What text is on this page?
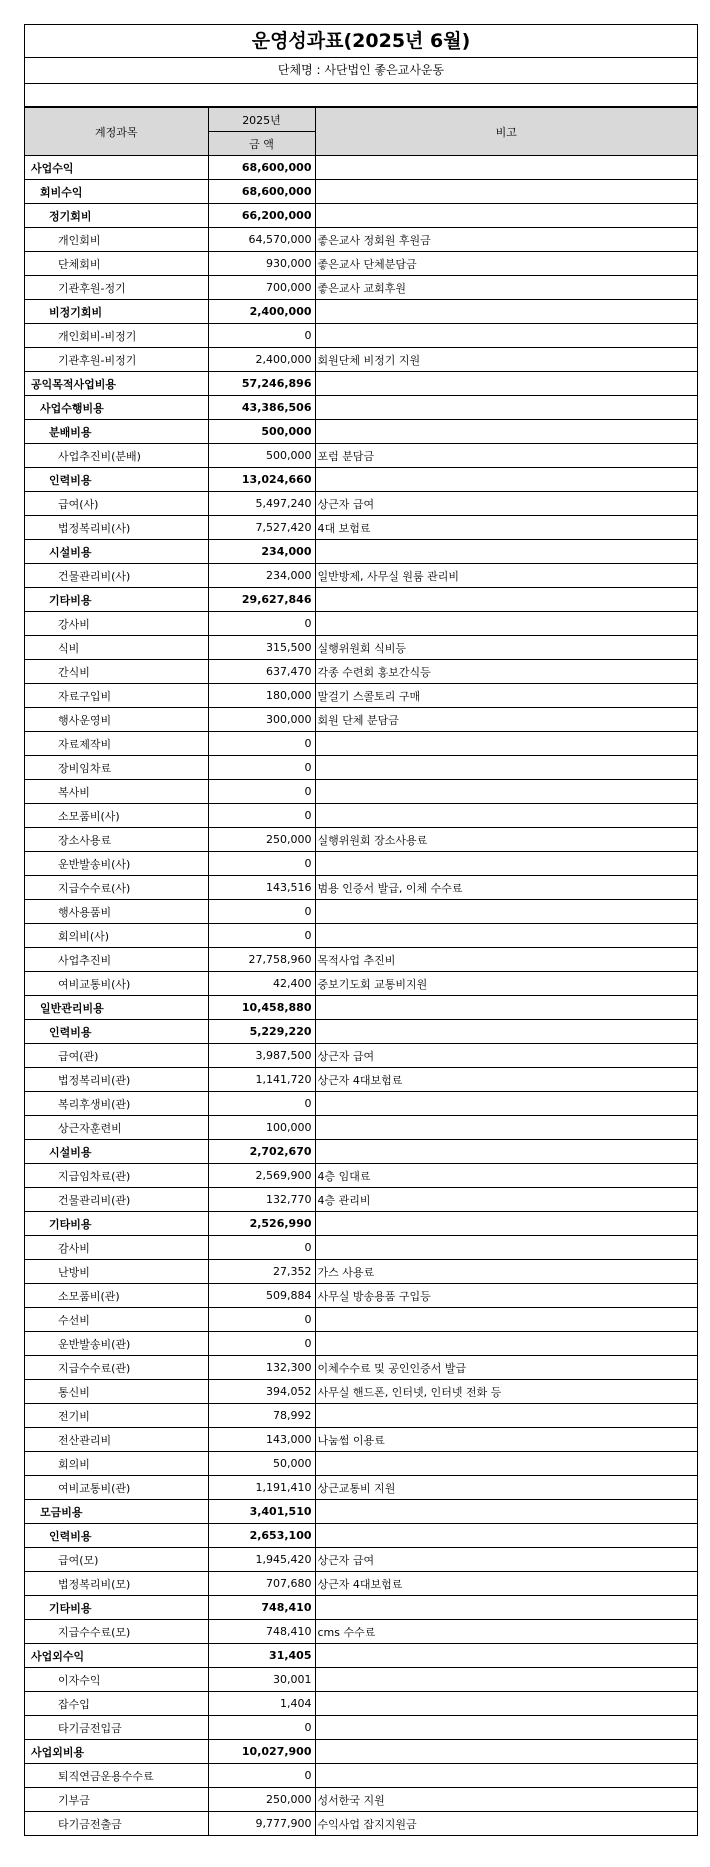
운영성과표(2025년 6월)
단체명 : 사단법인 좋은교사운동
계정과목	2025년	비고
	금 액	
사업수익	68,600,000	
회비수익	68,600,000	
정기회비	66,200,000	
개인회비	64,570,000	좋은교사 정회원 후원금
단체회비	930,000	좋은교사 단체분담금
기관후원-정기	700,000	좋은교사 교회후원
비정기회비	2,400,000	
개인회비-비정기	0	
기관후원-비정기	2,400,000	회원단체 비정기 지원
공익목적사업비용	57,246,896	
사업수행비용	43,386,506	
분배비용	500,000	
사업추진비(분배)	500,000	포럼 분담금
인력비용	13,024,660	
급여(사)	5,497,240	상근자 급여
법정복리비(사)	7,527,420	4대 보험료
시설비용	234,000	
건물관리비(사)	234,000	일반방제, 사무실 원룸 관리비
기타비용	29,627,846	
강사비	0	
식비	315,500	실행위원회 식비등
간식비	637,470	각종 수련회 홍보간식등
자료구입비	180,000	말걸기 스콜토리 구매
행사운영비	300,000	회원 단체 분담금
자료제작비	0	
장비임차료	0	
복사비	0	
소모품비(사)	0	
장소사용료	250,000	실행위원회 장소사용료
운반발송비(사)	0	
지급수수료(사)	143,516	범용 인증서 발급, 이체 수수료
행사용품비	0	
회의비(사)	0	
사업추진비	27,758,960	목적사업 추진비
여비교통비(사)	42,400	중보기도회 교통비지원
일반관리비용	10,458,880	
인력비용	5,229,220	
급여(관)	3,987,500	상근자 급여
법정복리비(관)	1,141,720	상근자 4대보험료
복리후생비(관)	0	
상근자훈련비	100,000	
시설비용	2,702,670	
지급임차료(관)	2,569,900	4층 임대료
건물관리비(관)	132,770	4층 관리비
기타비용	2,526,990	
감사비	0	
난방비	27,352	가스 사용료
소모품비(관)	509,884	사무실 방송용품 구입등
수선비	0	
운반발송비(관)	0	
지급수수료(관)	132,300	이체수수료 및 공인인증서 발급
통신비	394,052	사무실 핸드폰, 인터넷, 인터넷 전화 등
전기비	78,992	
전산관리비	143,000	나눔썸 이용료
회의비	50,000	
여비교통비(관)	1,191,410	상근교통비 지원
모금비용	3,401,510	
인력비용	2,653,100	
급여(모)	1,945,420	상근자 급여
법정복리비(모)	707,680	상근자 4대보험료
기타비용	748,410	
지급수수료(모)	748,410	cms 수수료
사업외수익	31,405	
이자수익	30,001	
잡수입	1,404	
타기금전입금	0	
사업외비용	10,027,900	
퇴직연금운용수수료	0	
기부금	250,000	성서한국 지원
타기금전출금	9,777,900	수익사업 잡지지원금
